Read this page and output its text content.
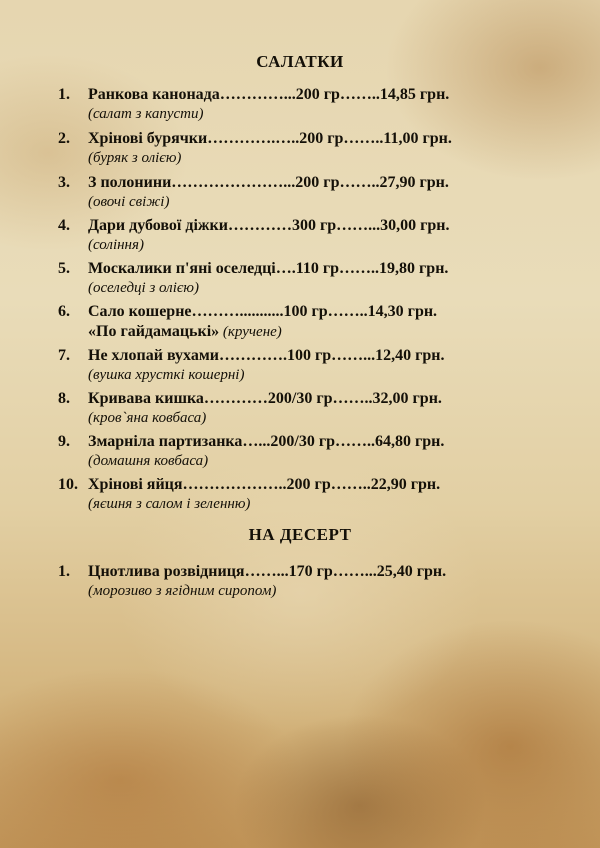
САЛАТКИ
1.	Ранкова канонада…………...200 гр……..14,85 грн.
(салат з капусти)
2.	Хрінові бурячки………….…..200 гр……..11,00 грн.
(буряк з олією)
3.	З полонини…………………...200 гр……..27,90 грн.
(овочі свіжі)
4.	Дари дубової діжки…………300 гр……...30,00 грн.
(соління)
5.	Москалики п'яні оселедці….110 гр……..19,80 грн.
(оселедці з олією)
6.	Сало кошерне………...........100 гр……..14,30 грн.
«По гайдамацькі» (кручене)
7.	Не хлопай вухами………….100 гр……...12,40 грн.
(вушка хрусткі кошерні)
8.	Кривава кишка…………200/30 гр……..32,00 грн.
(кров`яна ковбаса)
9.	Змарніла партизанка…...200/30 гр……..64,80 грн.
(домашня ковбаса)
10. Хрінові яйця………………..200 гр……..22,90 грн.
(яєшня з салом і зеленню)
НА ДЕСЕРТ
1.	Цнотлива розвідниця……...170 гр……...25,40 грн.
(морозиво з ягідним сиропом)
